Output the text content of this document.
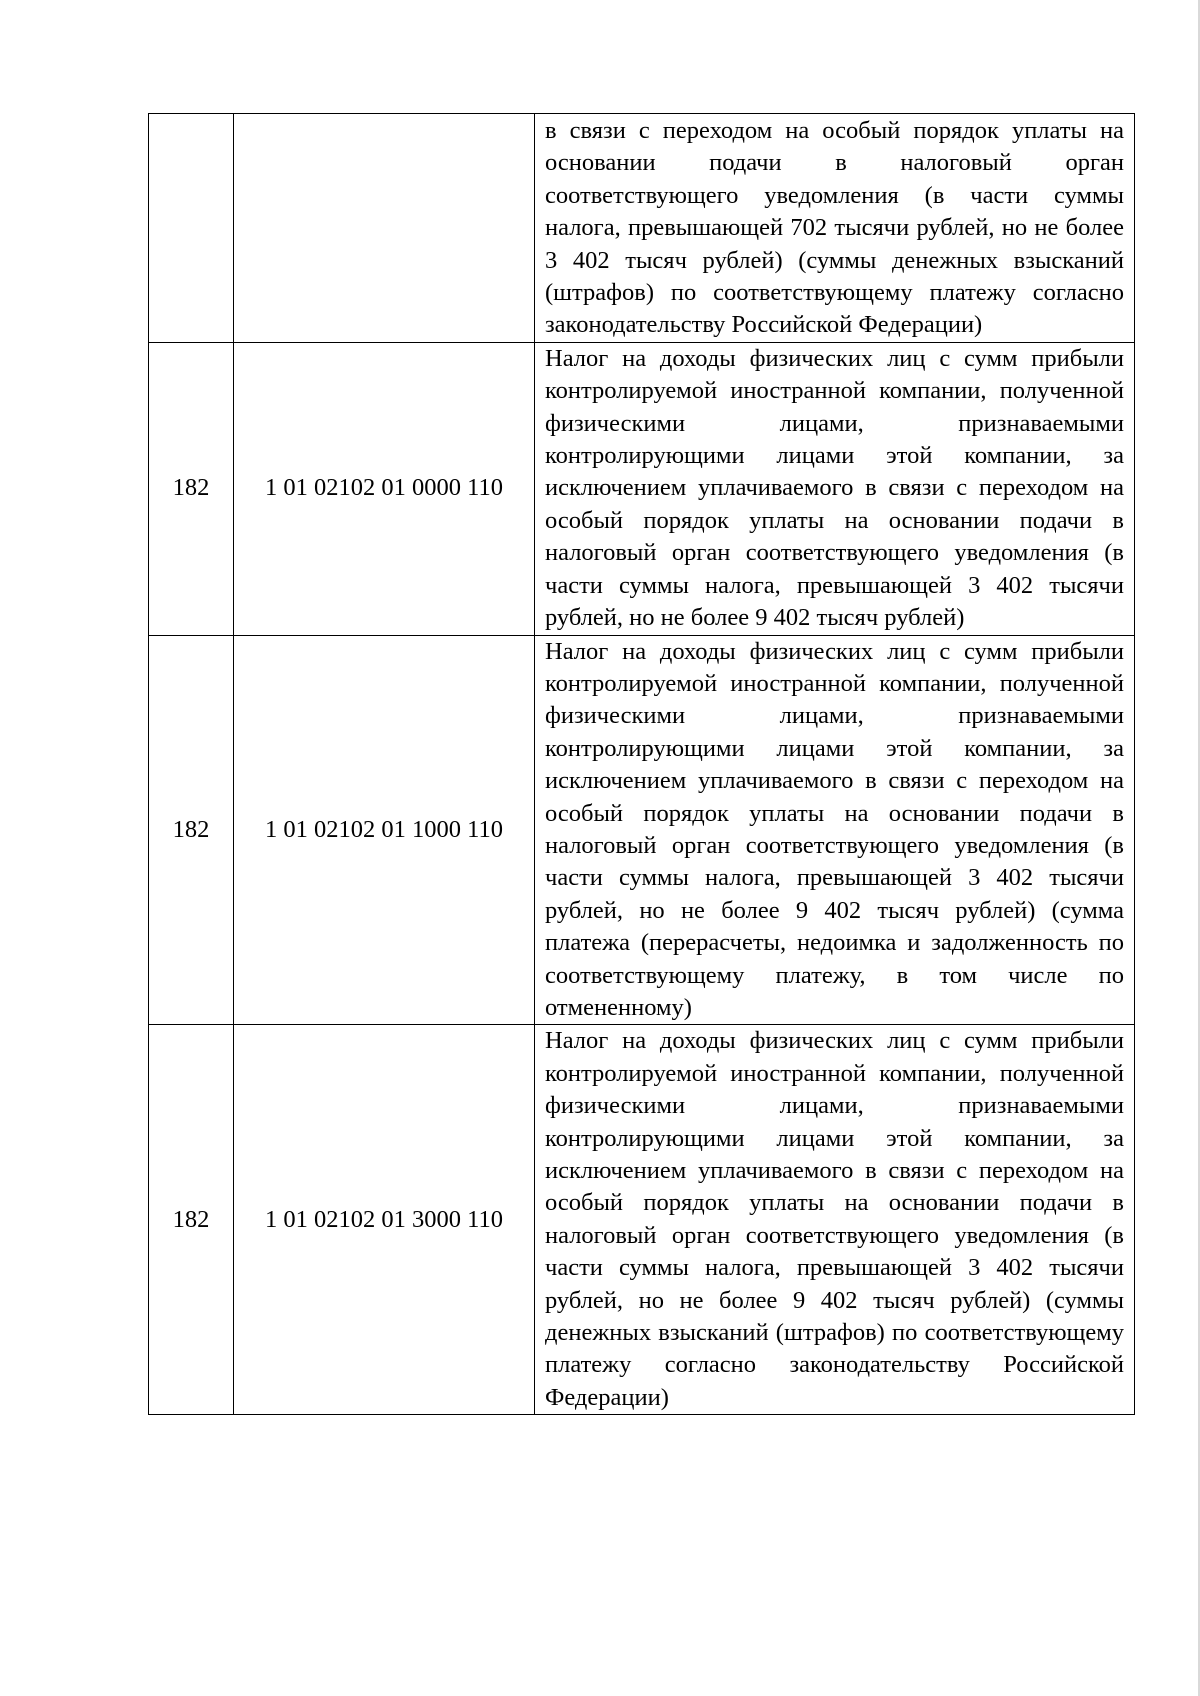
		в связи с переходом на особый порядок уплаты на основании подачи в налоговый орган соответствующего уведомления (в части суммы налога, превышающей 702 тысячи рублей, но не более 3 402 тысяч рублей) (суммы денежных взысканий (штрафов) по соответствующему платежу согласно законодательству Российской Федерации)
182	1 01 02102 01 0000 110	Налог на доходы физических лиц с сумм прибыли контролируемой иностранной компании, полученной физическими лицами, признаваемыми контролирующими лицами этой компании, за исключением уплачиваемого в связи с переходом на особый порядок уплаты на основании подачи в налоговый орган соответствующего уведомления (в части суммы налога, превышающей 3 402 тысячи рублей, но не более 9 402 тысяч рублей)
182	1 01 02102 01 1000 110	Налог на доходы физических лиц с сумм прибыли контролируемой иностранной компании, полученной физическими лицами, признаваемыми контролирующими лицами этой компании, за исключением уплачиваемого в связи с переходом на особый порядок уплаты на основании подачи в налоговый орган соответствующего уведомления (в части суммы налога, превышающей 3 402 тысячи рублей, но не более 9 402 тысяч рублей) (сумма платежа (перерасчеты, недоимка и задолженность по соответствующему платежу, в том числе по отмененному)
182	1 01 02102 01 3000 110	Налог на доходы физических лиц с сумм прибыли контролируемой иностранной компании, полученной физическими лицами, признаваемыми контролирующими лицами этой компании, за исключением уплачиваемого в связи с переходом на особый порядок уплаты на основании подачи в налоговый орган соответствующего уведомления (в части суммы налога, превышающей 3 402 тысячи рублей, но не более 9 402 тысяч рублей) (суммы денежных взысканий (штрафов) по соответствующему платежу согласно законодательству Российской Федерации)
